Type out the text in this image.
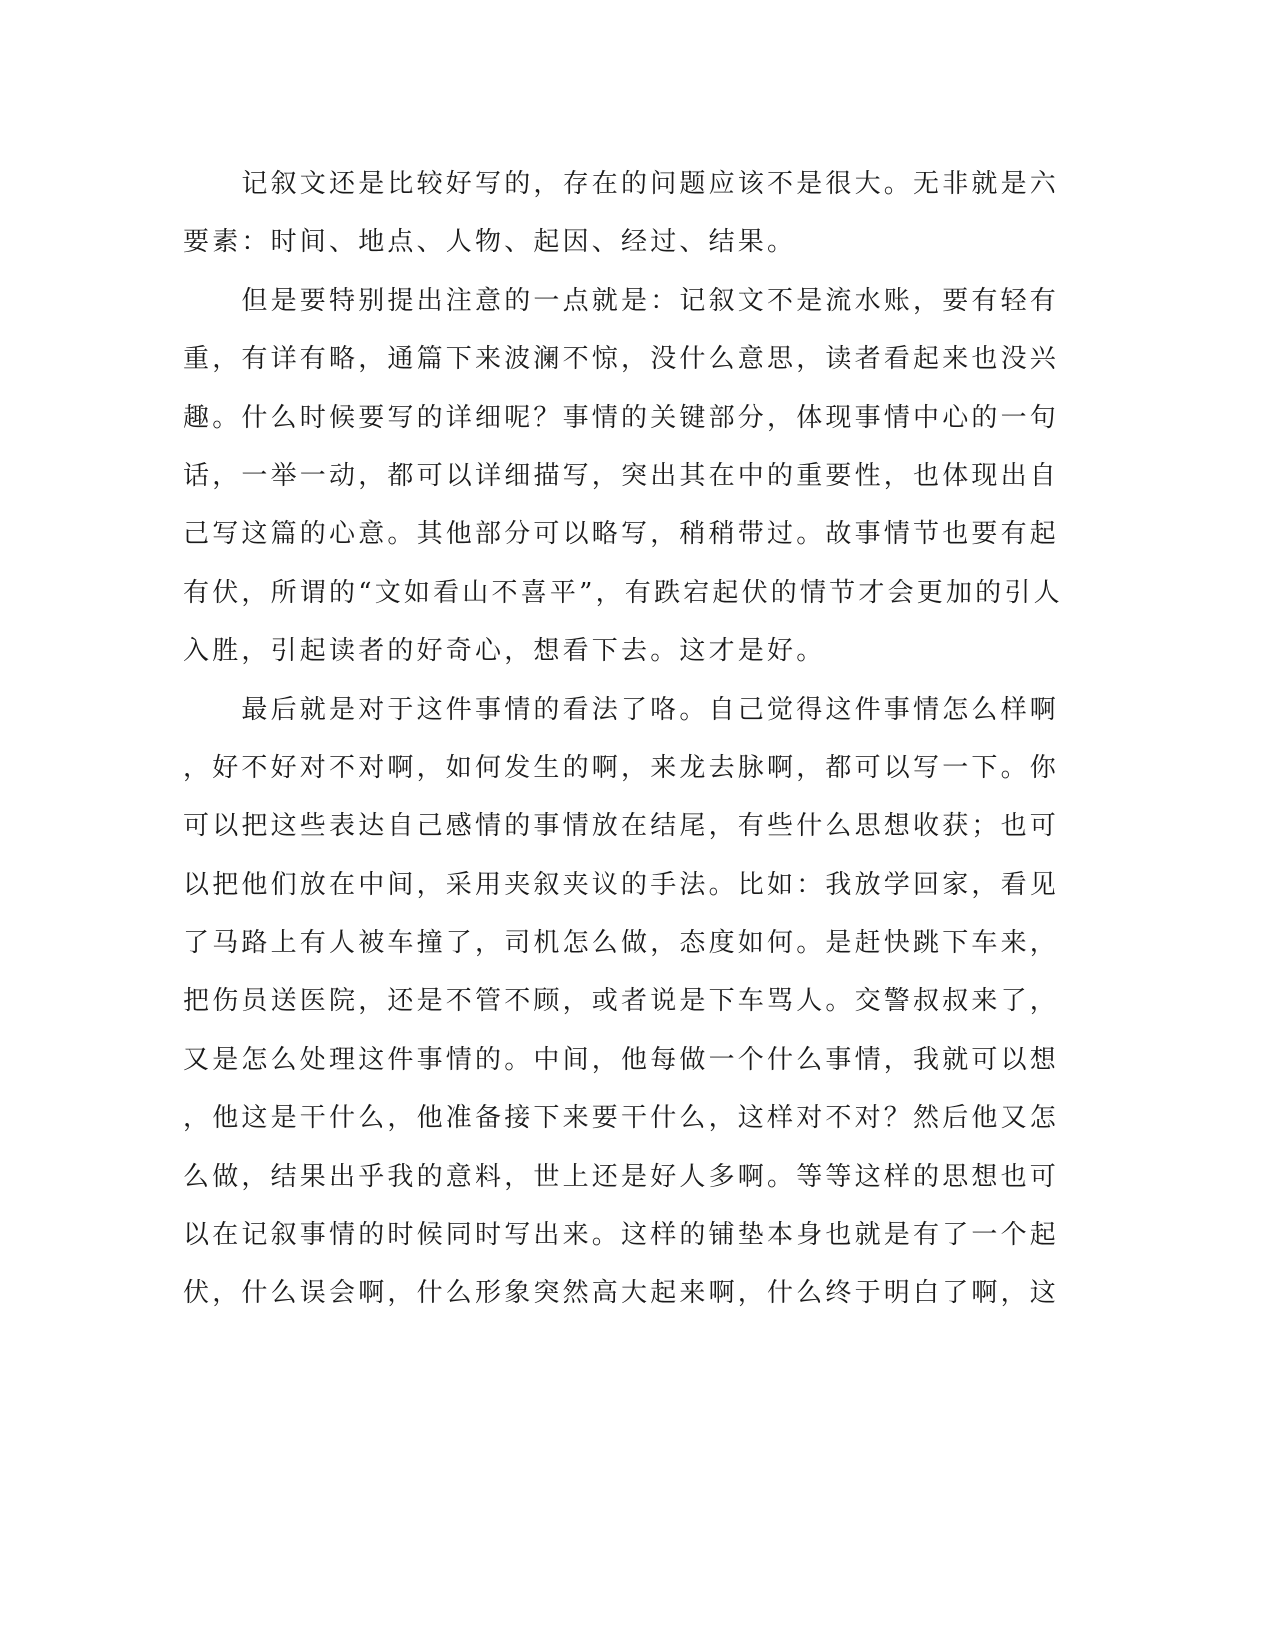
　　记叙文还是比较好写的，存在的问题应该不是很大。无非就是六
要素：时间、地点、人物、起因、经过、结果。
　　但是要特别提出注意的一点就是：记叙文不是流水账，要有轻有
重，有详有略，通篇下来波澜不惊，没什么意思，读者看起来也没兴
趣。什么时候要写的详细呢？事情的关键部分，体现事情中心的一句
话，一举一动，都可以详细描写，突出其在中的重要性，也体现出自
己写这篇的心意。其他部分可以略写，稍稍带过。故事情节也要有起
有伏，所谓的“文如看山不喜平”，有跌宕起伏的情节才会更加的引人
入胜，引起读者的好奇心，想看下去。这才是好。
　　最后就是对于这件事情的看法了咯。自己觉得这件事情怎么样啊
，好不好对不对啊，如何发生的啊，来龙去脉啊，都可以写一下。你
可以把这些表达自己感情的事情放在结尾，有些什么思想收获；也可
以把他们放在中间，采用夹叙夹议的手法。比如：我放学回家，看见
了马路上有人被车撞了，司机怎么做，态度如何。是赶快跳下车来，
把伤员送医院，还是不管不顾，或者说是下车骂人。交警叔叔来了，
又是怎么处理这件事情的。中间，他每做一个什么事情，我就可以想
，他这是干什么，他准备接下来要干什么，这样对不对？然后他又怎
么做，结果出乎我的意料，世上还是好人多啊。等等这样的思想也可
以在记叙事情的时候同时写出来。这样的铺垫本身也就是有了一个起
伏，什么误会啊，什么形象突然高大起来啊，什么终于明白了啊，这
